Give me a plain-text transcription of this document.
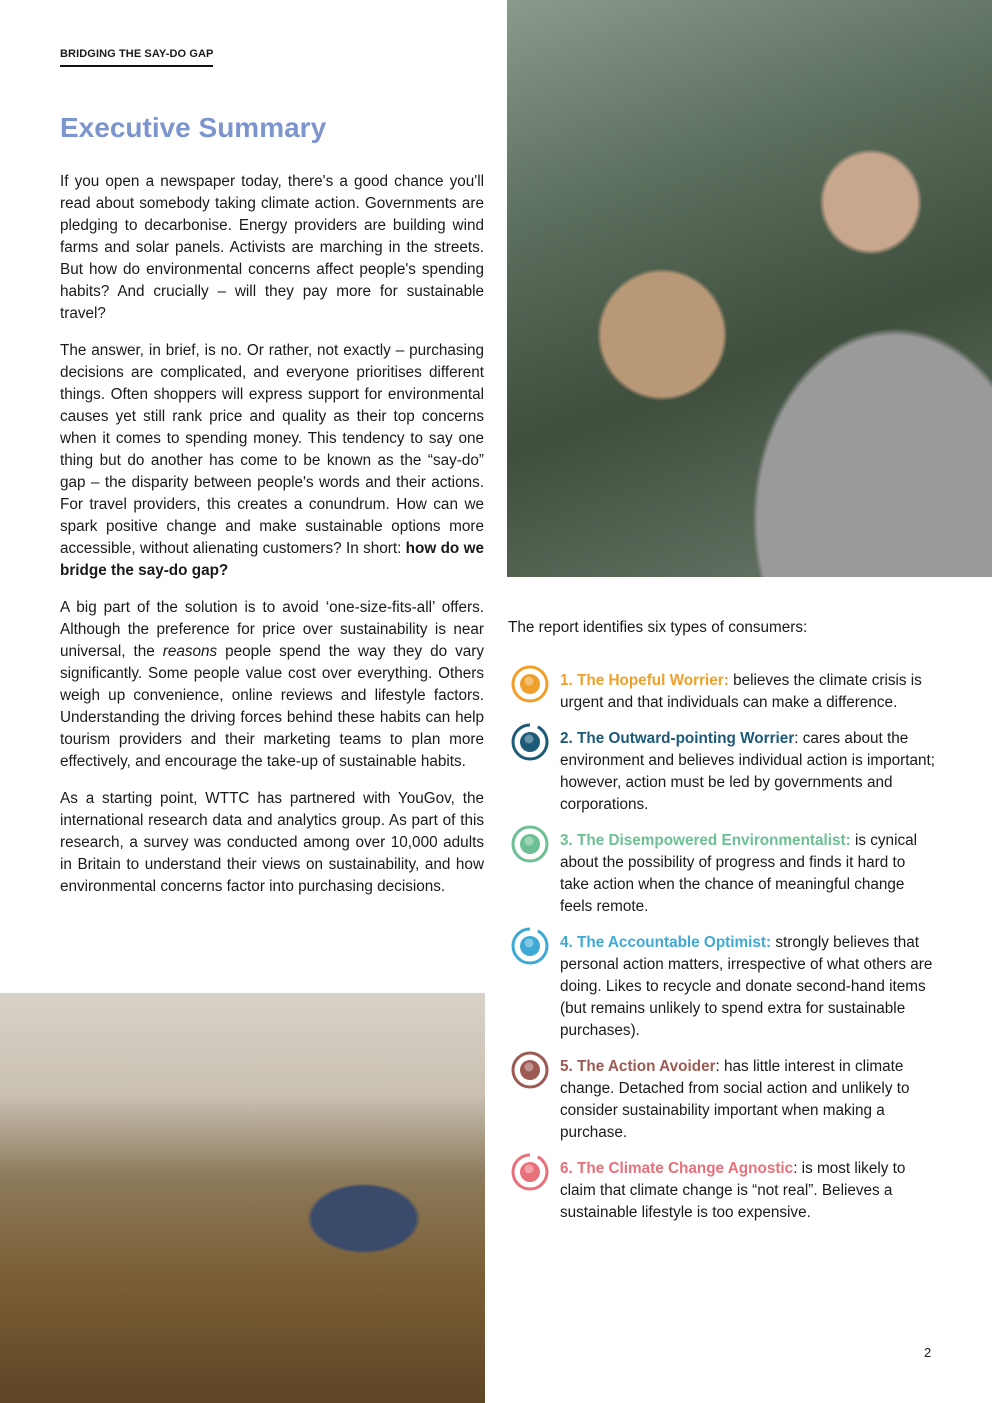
BRIDGING THE SAY-DO GAP
Executive Summary

If you open a newspaper today, there's a good chance you'll read about somebody taking climate action. Governments are pledging to decarbonise. Energy providers are building wind farms and solar panels. Activists are marching in the streets. But how do environmental concerns affect people's spending habits? And crucially – will they pay more for sustainable travel?

The answer, in brief, is no. Or rather, not exactly – purchasing decisions are complicated, and everyone prioritises different things. Often shoppers will express support for environmental causes yet still rank price and quality as their top concerns when it comes to spending money. This tendency to say one thing but do another has come to be known as the “say-do” gap – the disparity between people's words and their actions. For travel providers, this creates a conundrum. How can we spark positive change and make sustainable options more accessible, without alienating customers? In short: how do we bridge the say-do gap?

A big part of the solution is to avoid ‘one-size-fits-all’ offers. Although the preference for price over sustainability is near universal, the reasons people spend the way they do vary significantly. Some people value cost over everything. Others weigh up convenience, online reviews and lifestyle factors. Understanding the driving forces behind these habits can help tourism providers and their marketing teams to plan more effectively, and encourage the take-up of sustainable habits.

As a starting point, WTTC has partnered with YouGov, the international research data and analytics group. As part of this research, a survey was conducted among over 10,000 adults in Britain to understand their views on sustainability, and how environmental concerns factor into purchasing decisions.

The report identifies six types of consumers:
1. The Hopeful Worrier: believes the climate crisis is urgent and that individuals can make a difference.
2. The Outward-pointing Worrier: cares about the environment and believes individual action is important; however, action must be led by governments and corporations.
3. The Disempowered Environmentalist: is cynical about the possibility of progress and finds it hard to take action when the chance of meaningful change feels remote.
4. The Accountable Optimist: strongly believes that personal action matters, irrespective of what others are doing. Likes to recycle and donate second-hand items (but remains unlikely to spend extra for sustainable purchases).
5. The Action Avoider: has little interest in climate change. Detached from social action and unlikely to consider sustainability important when making a purchase.
6. The Climate Change Agnostic: is most likely to claim that climate change is “not real”. Believes a sustainable lifestyle is too expensive.
2
